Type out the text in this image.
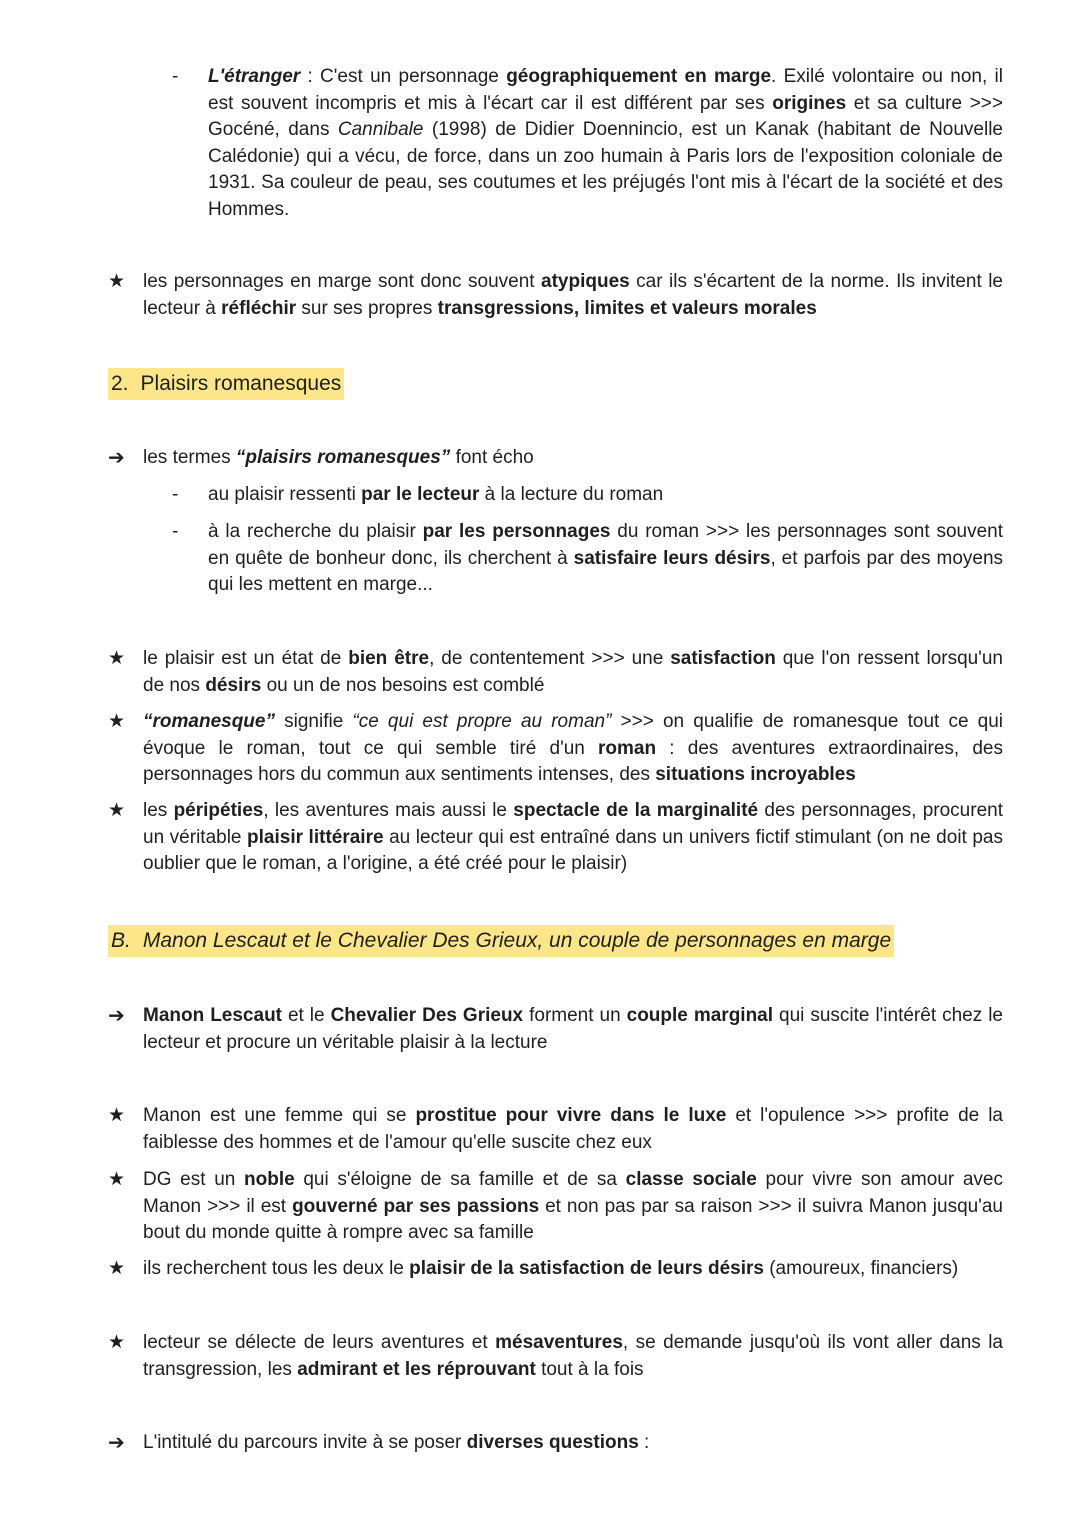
- L'étranger : C'est un personnage géographiquement en marge. Exilé volontaire ou non, il est souvent incompris et mis à l'écart car il est différent par ses origines et sa culture >>> Gocéné, dans Cannibale (1998) de Didier Doennincio, est un Kanak (habitant de Nouvelle Calédonie) qui a vécu, de force, dans un zoo humain à Paris lors de l'exposition coloniale de 1931. Sa couleur de peau, ses coutumes et les préjugés l'ont mis à l'écart de la société et des Hommes.

★ les personnages en marge sont donc souvent atypiques car ils s'écartent de la norme. Ils invitent le lecteur à réfléchir sur ses propres transgressions, limites et valeurs morales

2. Plaisirs romanesques
➔ les termes “plaisirs romanesques” font écho

- au plaisir ressenti par le lecteur à la lecture du roman

- à la recherche du plaisir par les personnages du roman >>> les personnages sont souvent en quête de bonheur donc, ils cherchent à satisfaire leurs désirs, et parfois par des moyens qui les mettent en marge...

★ le plaisir est un état de bien être, de contentement >>> une satisfaction que l'on ressent lorsqu'un de nos désirs ou un de nos besoins est comblé

★ “romanesque” signifie “ce qui est propre au roman” >>> on qualifie de romanesque tout ce qui évoque le roman, tout ce qui semble tiré d'un roman : des aventures extraordinaires, des personnages hors du commun aux sentiments intenses, des situations incroyables

★ les péripéties, les aventures mais aussi le spectacle de la marginalité des personnages, procurent un véritable plaisir littéraire au lecteur qui est entraîné dans un univers fictif stimulant (on ne doit pas oublier que le roman, a l'origine, a été créé pour le plaisir)

B. Manon Lescaut et le Chevalier Des Grieux, un couple de personnages en marge
➔ Manon Lescaut et le Chevalier Des Grieux forment un couple marginal qui suscite l'intérêt chez le lecteur et procure un véritable plaisir à la lecture

★ Manon est une femme qui se prostitue pour vivre dans le luxe et l'opulence >>> profite de la faiblesse des hommes et de l'amour qu'elle suscite chez eux

★ DG est un noble qui s'éloigne de sa famille et de sa classe sociale pour vivre son amour avec Manon >>> il est gouverné par ses passions et non pas par sa raison >>> il suivra Manon jusqu'au bout du monde quitte à rompre avec sa famille

★ ils recherchent tous les deux le plaisir de la satisfaction de leurs désirs (amoureux, financiers)

★ lecteur se délecte de leurs aventures et mésaventures, se demande jusqu'où ils vont aller dans la transgression, les admirant et les réprouvant tout à la fois

➔ L'intitulé du parcours invite à se poser diverses questions :
